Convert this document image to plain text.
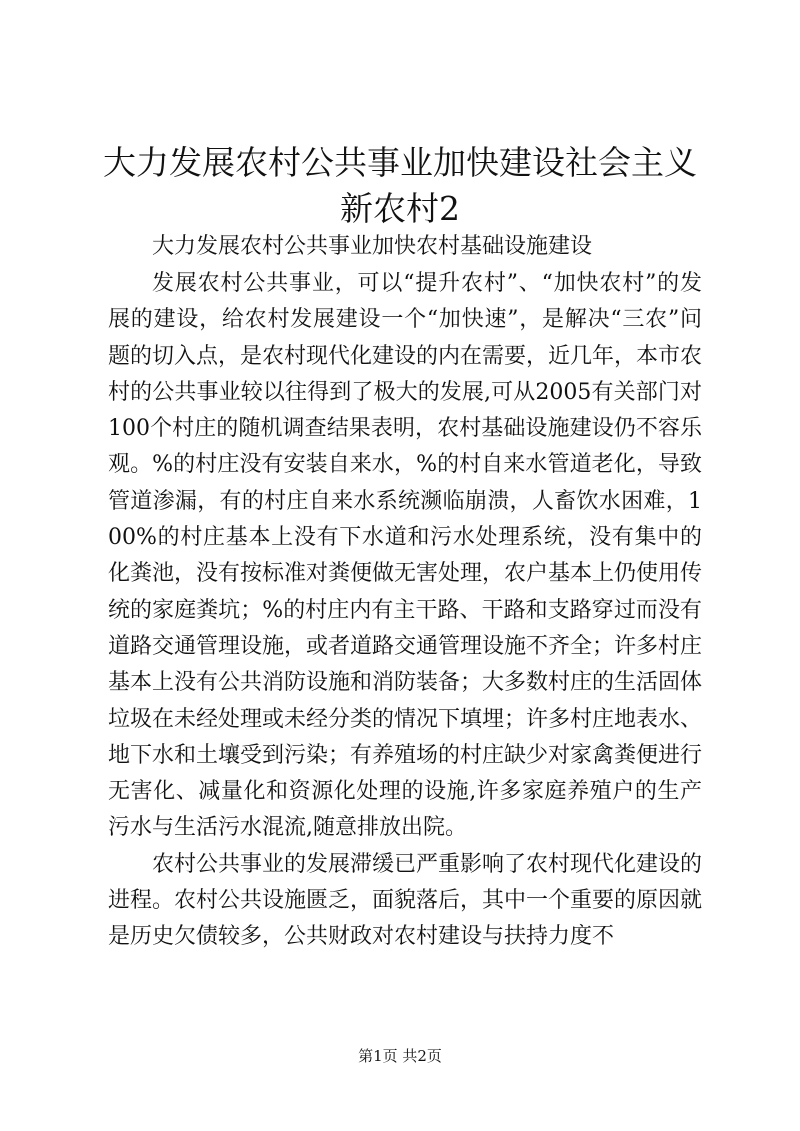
大力发展农村公共事业加快建设社会主义新农村2

大力发展农村公共事业加快农村基础设施建设

发展农村公共事业，可以“提升农村”、“加快农村”的发展的建设，给农村发展建设一个“加快速”，是解决“三农”问题的切入点，是农村现代化建设的内在需要，近几年，本市农村的公共事业较以往得到了极大的发展,可从2005有关部门对100个村庄的随机调查结果表明，农村基础设施建设仍不容乐观。%的村庄没有安装自来水，%的村自来水管道老化，导致管道渗漏，有的村庄自来水系统濒临崩溃，人畜饮水困难，100%的村庄基本上没有下水道和污水处理系统，没有集中的化粪池，没有按标准对粪便做无害处理，农户基本上仍使用传统的家庭粪坑；%的村庄内有主干路、干路和支路穿过而没有道路交通管理设施，或者道路交通管理设施不齐全；许多村庄基本上没有公共消防设施和消防装备；大多数村庄的生活固体垃圾在未经处理或未经分类的情况下填埋；许多村庄地表水、地下水和土壤受到污染；有养殖场的村庄缺少对家禽粪便进行无害化、减量化和资源化处理的设施,许多家庭养殖户的生产污水与生活污水混流,随意排放出院。

农村公共事业的发展滞缓已严重影响了农村现代化建设的进程。农村公共设施匮乏，面貌落后，其中一个重要的原因就是历史欠债较多，公共财政对农村建设与扶持力度不

第1页 共2页
